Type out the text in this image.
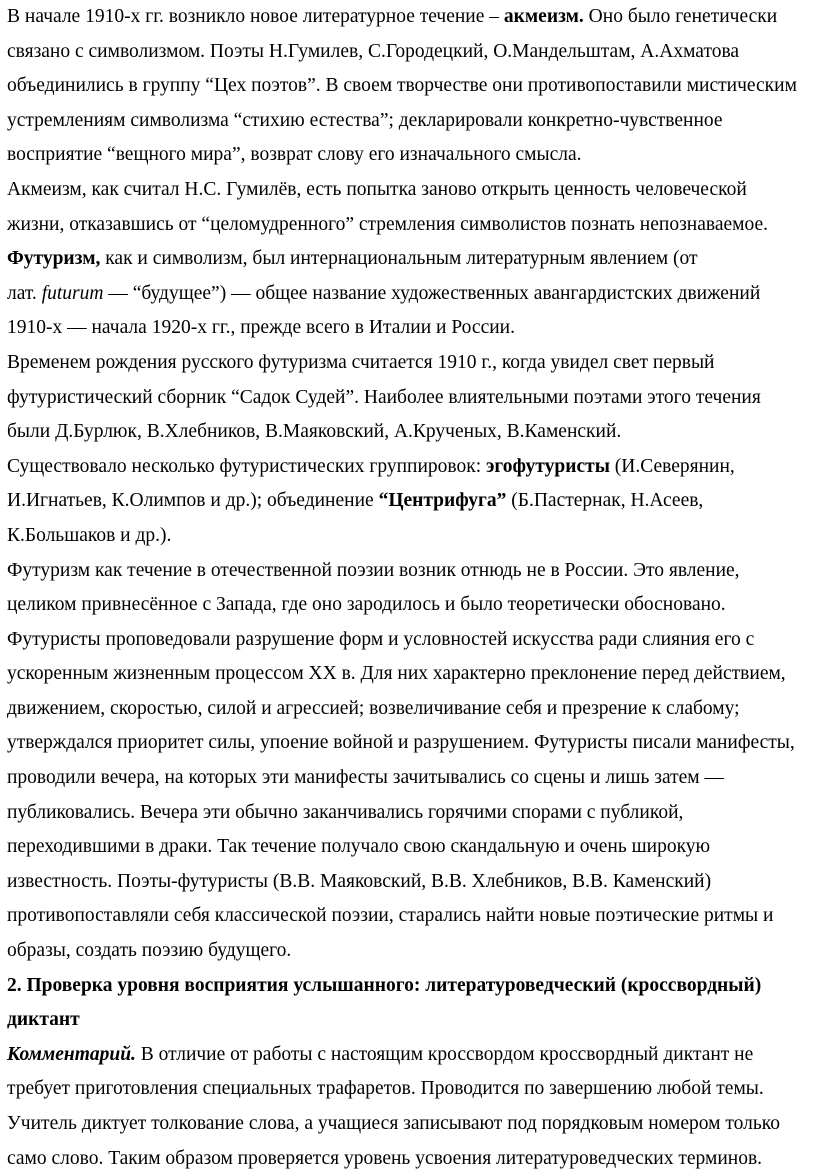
В начале 1910-х гг. возникло новое литературное течение – акмеизм. Оно было генетически
связано с символизмом. Поэты Н.Гумилев, С.Городецкий, О.Мандельштам, А.Ахматова
объединились в группу “Цех поэтов”. В своем творчестве они противопоставили мистическим
устремлениям символизма “стихию естества”; декларировали конкретно-чувственное
восприятие “вещного мира”, возврат слову его изначального смысла.
Акмеизм, как считал Н.С. Гумилёв, есть попытка заново открыть ценность человеческой
жизни, отказавшись от “целомудренного” стремления символистов познать непознаваемое.
Футуризм, как и символизм, был интернациональным литературным явлением (от
лат. futurum — “будущее”) — общее название художественных авангардистских движений
1910-х — начала 1920-х гг., прежде всего в Италии и России.
Временем рождения русского футуризма считается 1910 г., когда увидел свет первый
футуристический сборник “Садок Судей”. Наиболее влиятельными поэтами этого течения
были Д.Бурлюк, В.Хлебников, В.Маяковский, А.Крученых, В.Каменский.
Существовало несколько футуристических группировок: эгофутуристы (И.Северянин,
И.Игнатьев, К.Олимпов и др.); объединение “Центрифуга” (Б.Пастернак, Н.Асеев,
К.Большаков и др.).
Футуризм как течение в отечественной поэзии возник отнюдь не в России. Это явление,
целиком привнесённое с Запада, где оно зародилось и было теоретически обосновано.
Футуристы проповедовали разрушение форм и условностей искусства ради слияния его с
ускоренным жизненным процессом XX в. Для них характерно преклонение перед действием,
движением, скоростью, силой и агрессией; возвеличивание себя и презрение к слабому;
утверждался приоритет силы, упоение войной и разрушением. Футуристы писали манифесты,
проводили вечера, на которых эти манифесты зачитывались со сцены и лишь затем —
публиковались. Вечера эти обычно заканчивались горячими спорами с публикой,
переходившими в драки. Так течение получало свою скандальную и очень широкую
известность. Поэты-футуристы (В.В. Маяковский, В.В. Хлебников, В.В. Каменский)
противопоставляли себя классической поэзии, старались найти новые поэтические ритмы и
образы, создать поэзию будущего.
2. Проверка уровня восприятия услышанного: литературоведческий (кроссвордный)
диктант
Комментарий. В отличие от работы с настоящим кроссвордом кроссвордный диктант не
требует приготовления специальных трафаретов. Проводится по завершению любой темы.
Учитель диктует толкование слова, а учащиеся записывают под порядковым номером только
само слово. Таким образом проверяется уровень усвоения литературоведческих терминов.
